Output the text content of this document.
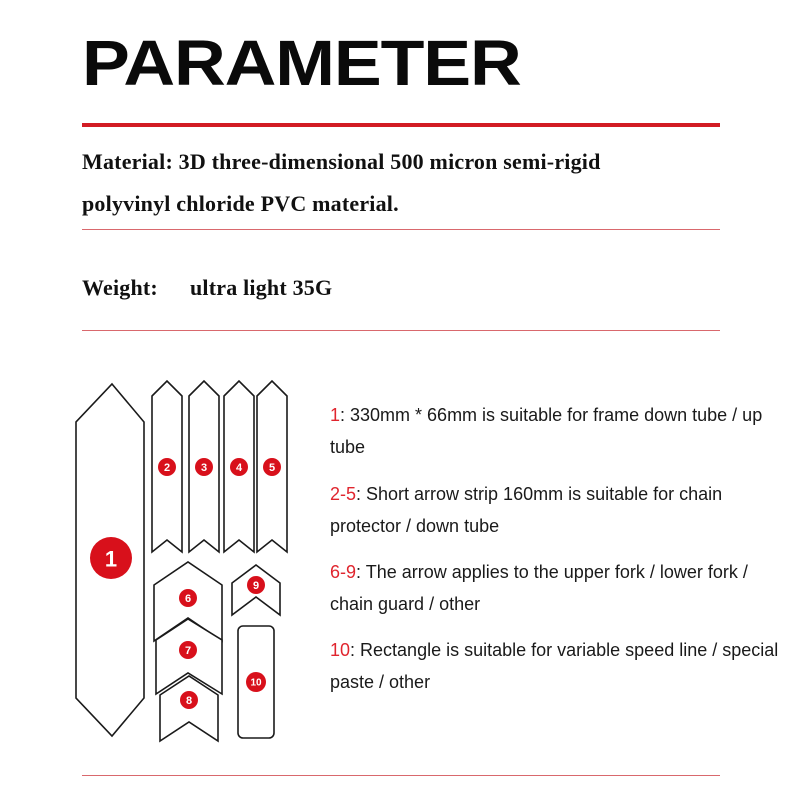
PARAMETER
Material: 3D three-dimensional 500 micron semi-rigid
polyvinyl chloride PVC material.
Weight: ultra light 35G
1
2	3	4 5
6
7
8
9
10
1: 330mm * 66mm is suitable for frame down tube / up tube
2-5: Short arrow strip 160mm is suitable for chain protector / down tube
6-9: The arrow applies to the upper fork / lower fork / chain guard / other
10: Rectangle is suitable for variable speed line / special paste / other
